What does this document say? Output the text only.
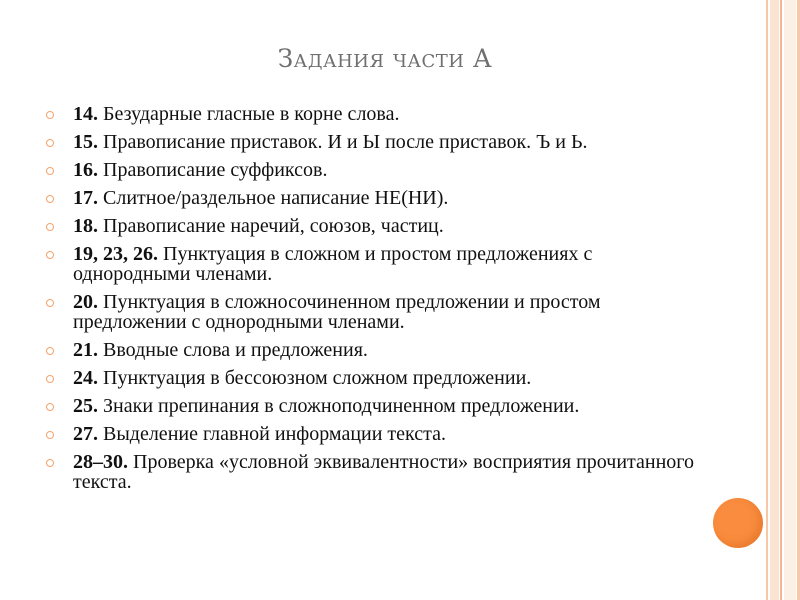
Задания части А
14. Безударные гласные в корне слова.
15. Правописание приставок. И и Ы после приставок. Ъ и Ь.
16. Правописание суффиксов.
17. Слитное/раздельное написание НЕ(НИ).
18. Правописание наречий, союзов, частиц.
19, 23, 26. Пунктуация в сложном и простом предложениях с однородными членами.
20. Пунктуация в сложносочиненном предложении и простом предложении с однородными членами.
21. Вводные слова и предложения.
24. Пунктуация в бессоюзном сложном предложении.
25. Знаки препинания в сложноподчиненном предложении.
27. Выделение главной информации текста.
28–30. Проверка «условной эквивалентности» восприятия прочитанного текста.
